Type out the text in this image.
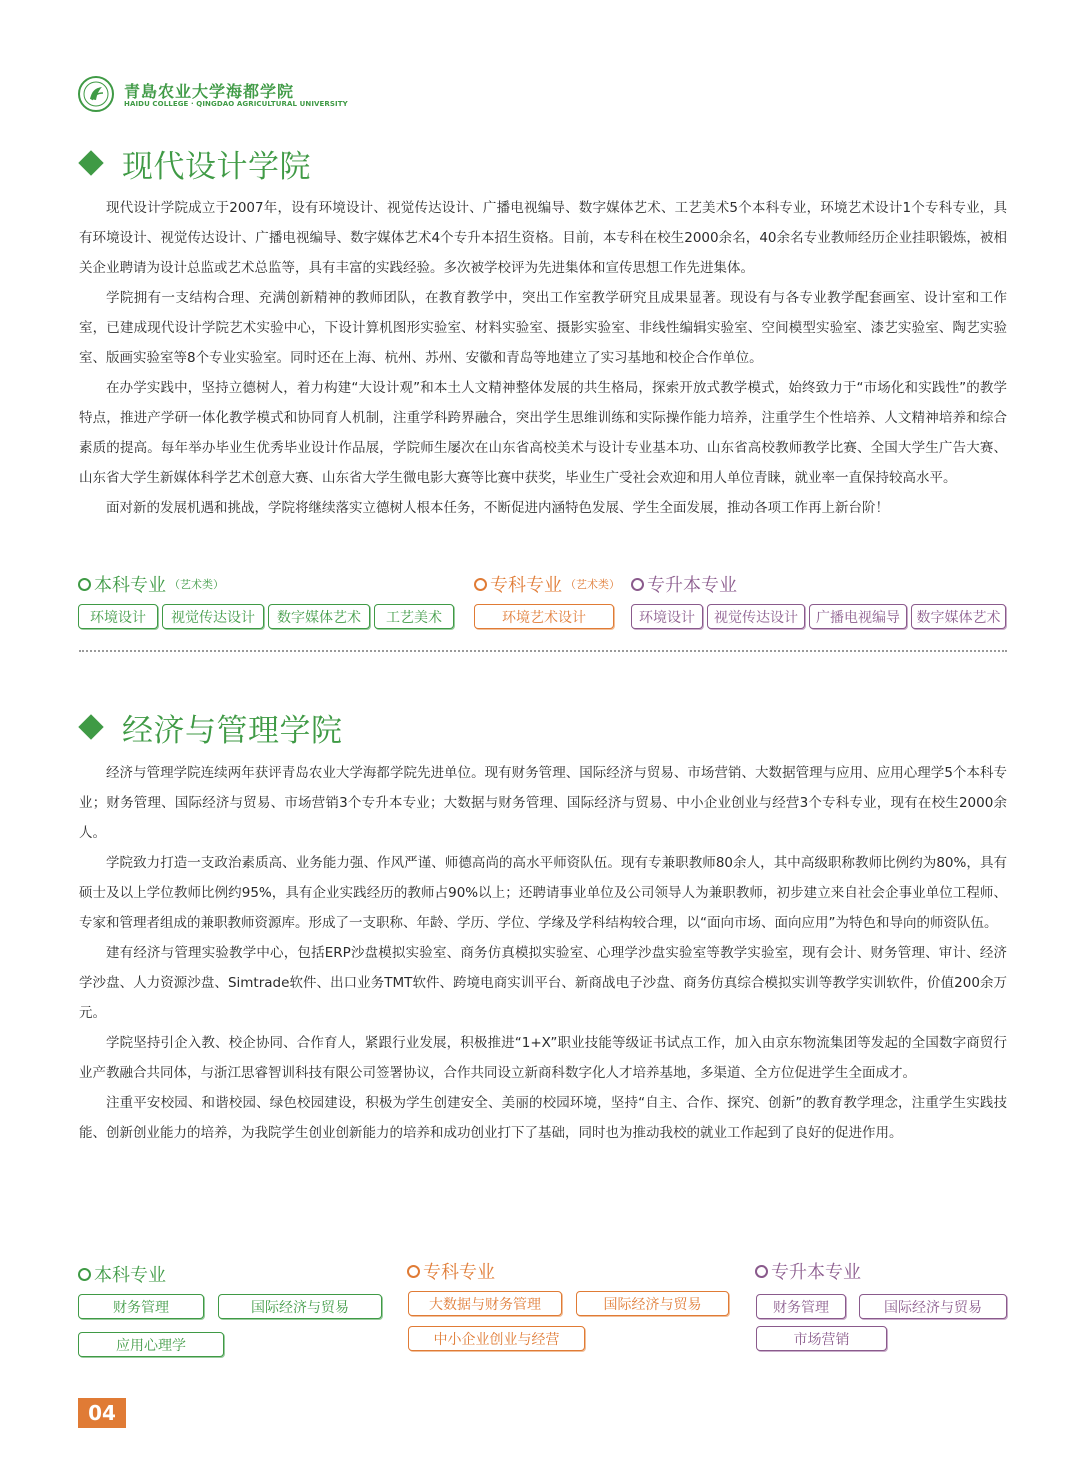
青島农业大学海都学院
HAIDU COLLEGE · QINGDAO AGRICULTURAL UNIVERSITY
现代设计学院

现代设计学院成立于2007年，设有环境设计、视觉传达设计、广播电视编导、数字媒体艺术、工艺美术5个本科专业，环境艺术设计1个专科专业，具有环境设计、视觉传达设计、广播电视编导、数字媒体艺术4个专升本招生资格。目前，本专科在校生2000余名，40余名专业教师经历企业挂职锻炼，被相关企业聘请为设计总监或艺术总监等，具有丰富的实践经验。多次被学校评为先进集体和宣传思想工作先进集体。

学院拥有一支结构合理、充满创新精神的教师团队，在教育教学中，突出工作室教学研究且成果显著。现设有与各专业教学配套画室、设计室和工作室，已建成现代设计学院艺术实验中心，下设计算机图形实验室、材料实验室、摄影实验室、非线性编辑实验室、空间模型实验室、漆艺实验室、陶艺实验室、版画实验室等8个专业实验室。同时还在上海、杭州、苏州、安徽和青岛等地建立了实习基地和校企合作单位。

在办学实践中，坚持立德树人，着力构建“大设计观”和本土人文精神整体发展的共生格局，探索开放式教学模式，始终致力于“市场化和实践性”的教学特点，推进产学研一体化教学模式和协同育人机制，注重学科跨界融合，突出学生思维训练和实际操作能力培养，注重学生个性培养、人文精神培养和综合素质的提高。每年举办毕业生优秀毕业设计作品展，学院师生屡次在山东省高校美术与设计专业基本功、山东省高校教师教学比赛、全国大学生广告大赛、山东省大学生新媒体科学艺术创意大赛、山东省大学生微电影大赛等比赛中获奖，毕业生广受社会欢迎和用人单位青睐，就业率一直保持较高水平。

面对新的发展机遇和挑战，学院将继续落实立德树人根本任务，不断促进内涵特色发展、学生全面发展，推动各项工作再上新台阶！

本科专业 （艺术类）	专科专业 （艺术类） 专升本专业
环境设计	视觉传达设计	数字媒体艺术	工艺美术	环境艺术设计	环境设计	视觉传达设计	广播电视编导	数字媒体艺术
经济与管理学院

经济与管理学院连续两年获评青岛农业大学海都学院先进单位。现有财务管理、国际经济与贸易、市场营销、大数据管理与应用、应用心理学5个本科专业；财务管理、国际经济与贸易、市场营销3个专升本专业；大数据与财务管理、国际经济与贸易、中小企业创业与经营3个专科专业，现有在校生2000余人。

学院致力打造一支政治素质高、业务能力强、作风严谨、师德高尚的高水平师资队伍。现有专兼职教师80余人，其中高级职称教师比例约为80%，具有硕士及以上学位教师比例约95%，具有企业实践经历的教师占90%以上；还聘请事业单位及公司领导人为兼职教师，初步建立来自社会企事业单位工程师、专家和管理者组成的兼职教师资源库。形成了一支职称、年龄、学历、学位、学缘及学科结构较合理，以“面向市场、面向应用”为特色和导向的师资队伍。

建有经济与管理实验教学中心，包括ERP沙盘模拟实验室、商务仿真模拟实验室、心理学沙盘实验室等教学实验室，现有会计、财务管理、审计、经济学沙盘、人力资源沙盘、Simtrade软件、出口业务TMT软件、跨境电商实训平台、新商战电子沙盘、商务仿真综合模拟实训等教学实训软件，价值200余万元。

学院坚持引企入教、校企协同、合作育人，紧跟行业发展，积极推进“1+X”职业技能等级证书试点工作，加入由京东物流集团等发起的全国数字商贸行业产教融合共同体，与浙江思睿智训科技有限公司签署协议，合作共同设立新商科数字化人才培养基地，多渠道、全方位促进学生全面成才。

注重平安校园、和谐校园、绿色校园建设，积极为学生创建安全、美丽的校园环境，坚持“自主、合作、探究、创新”的教育教学理念，注重学生实践技能、创新创业能力的培养，为我院学生创业创新能力的培养和成功创业打下了基础，同时也为推动我校的就业工作起到了良好的促进作用。

本科专业	专科专业	专升本专业
财务管理	国际经济与贸易
应用心理学
大数据与财务管理	国际经济与贸易
中小企业创业与经营
财务管理	国际经济与贸易
市场营销
04
